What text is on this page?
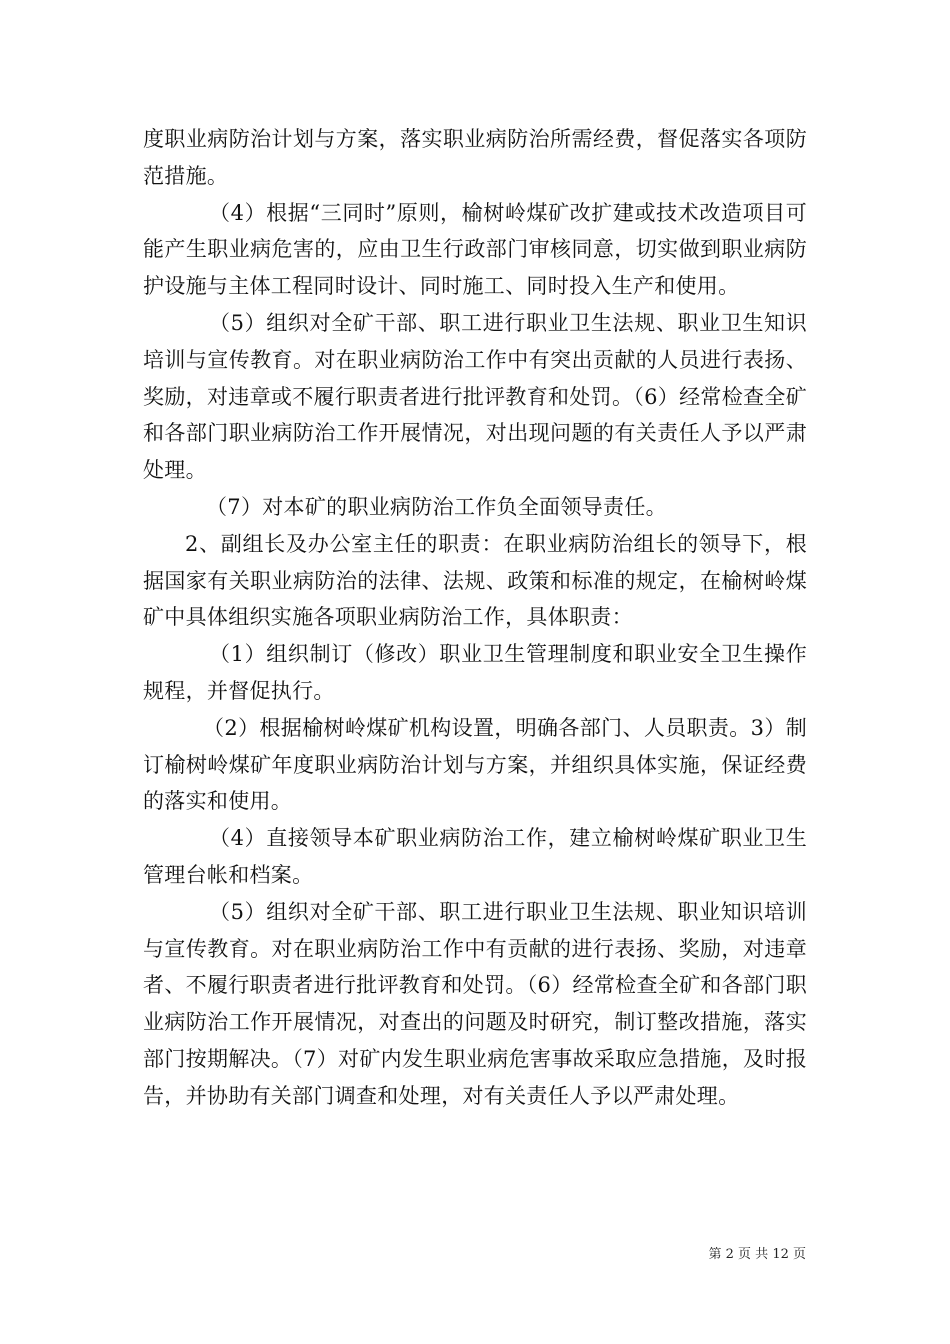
度职业病防治计划与方案，落实职业病防治所需经费，督促落实各项防范措施。

（4）根据“三同时”原则，榆树岭煤矿改扩建或技术改造项目可能产生职业病危害的，应由卫生行政部门审核同意，切实做到职业病防护设施与主体工程同时设计、同时施工、同时投入生产和使用。

（5）组织对全矿干部、职工进行职业卫生法规、职业卫生知识培训与宣传教育。对在职业病防治工作中有突出贡献的人员进行表扬、奖励，对违章或不履行职责者进行批评教育和处罚。（6）经常检查全矿和各部门职业病防治工作开展情况，对出现问题的有关责任人予以严肃处理。

（7）对本矿的职业病防治工作负全面领导责任。

2、副组长及办公室主任的职责：在职业病防治组长的领导下，根据国家有关职业病防治的法律、法规、政策和标准的规定，在榆树岭煤矿中具体组织实施各项职业病防治工作，具体职责：

（1）组织制订（修改）职业卫生管理制度和职业安全卫生操作规程，并督促执行。

（2）根据榆树岭煤矿机构设置，明确各部门、人员职责。3）制订榆树岭煤矿年度职业病防治计划与方案，并组织具体实施，保证经费的落实和使用。

（4）直接领导本矿职业病防治工作，建立榆树岭煤矿职业卫生管理台帐和档案。

（5）组织对全矿干部、职工进行职业卫生法规、职业知识培训与宣传教育。对在职业病防治工作中有贡献的进行表扬、奖励，对违章者、不履行职责者进行批评教育和处罚。（6）经常检查全矿和各部门职业病防治工作开展情况，对查出的问题及时研究，制订整改措施，落实部门按期解决。（7）对矿内发生职业病危害事故采取应急措施，及时报告，并协助有关部门调查和处理，对有关责任人予以严肃处理。

第 2 页 共 12 页
